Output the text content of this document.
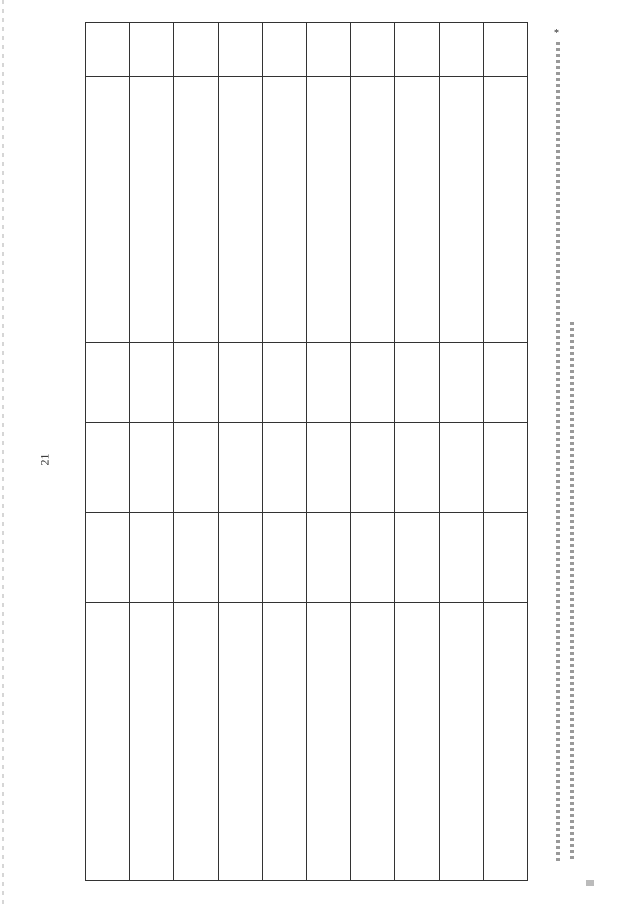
21

*
